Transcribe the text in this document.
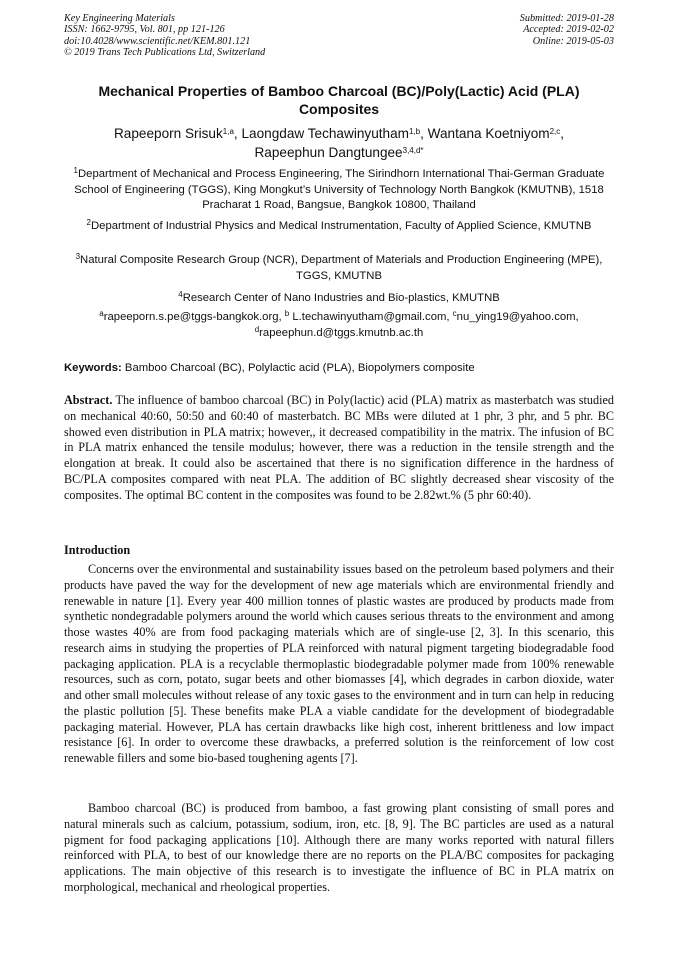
Key Engineering Materials
ISSN: 1662-9795, Vol. 801, pp 121-126
doi:10.4028/www.scientific.net/KEM.801.121
© 2019 Trans Tech Publications Ltd, Switzerland
Submitted: 2019-01-28
Accepted: 2019-02-02
Online: 2019-05-03
Mechanical Properties of Bamboo Charcoal (BC)/Poly(Lactic) Acid (PLA) Composites
Rapeeporn Srisuk$^{1,a}$, Laongdaw Techawinyutham$^{1,b}$, Wantana Koetniyom$^{2,c}$,
Rapeephun Dangtungee$^{3,4,d*}$
$^1$Department of Mechanical and Process Engineering, The Sirindhorn International Thai-German Graduate School of Engineering (TGGS), King Mongkut’s University of Technology North Bangkok (KMUTNB), 1518 Pracharat 1 Road, Bangsue, Bangkok 10800, Thailand
$^2$Department of Industrial Physics and Medical Instrumentation, Faculty of Applied Science, KMUTNB
$^3$Natural Composite Research Group (NCR), Department of Materials and Production Engineering (MPE), TGGS, KMUTNB
$^4$Research Center of Nano Industries and Bio-plastics, KMUTNB
$^a$rapeeporn.s.pe@tggs-bangkok.org, $^b$ L.techawinyutham@gmail.com, $^c$nu_ying19@yahoo.com,
$^d$rapeephun.d@tggs.kmutnb.ac.th
Keywords: Bamboo Charcoal (BC), Polylactic acid (PLA), Biopolymers composite
Abstract. The influence of bamboo charcoal (BC) in Poly(lactic) acid (PLA) matrix as masterbatch was studied on mechanical 40:60, 50:50 and 60:40 of masterbatch. BC MBs were diluted at 1 phr, 3 phr, and 5 phr. BC showed even distribution in PLA matrix; however,, it decreased compatibility in the matrix. The infusion of BC in PLA matrix enhanced the tensile modulus; however, there was a reduction in the tensile strength and the elongation at break. It could also be ascertained that there is no signification difference in the hardness of BC/PLA composites compared with neat PLA. The addition of BC slightly decreased shear viscosity of the composites. The optimal BC content in the composites was found to be 2.82wt.% (5 phr 60:40).
Introduction

Concerns over the environmental and sustainability issues based on the petroleum based polymers and their products have paved the way for the development of new age materials which are environmental friendly and renewable in nature [1]. Every year 400 million tonnes of plastic wastes are produced by products made from synthetic nondegradable polymers around the world which causes serious threats to the environment and among those wastes 40% are from food packaging materials which are of single-use [2, 3]. In this scenario, this research aims in studying the properties of PLA reinforced with natural pigment targeting biodegradable food packaging application. PLA is a recyclable thermoplastic biodegradable polymer made from 100% renewable resources, such as corn, potato, sugar beets and other biomasses [4], which degrades in carbon dioxide, water and other small molecules without release of any toxic gases to the environment and in turn can help in reducing the plastic pollution [5]. These benefits make PLA a viable candidate for the development of biodegradable packaging material. However, PLA has certain drawbacks like high cost, inherent brittleness and low impact resistance [6]. In order to overcome these drawbacks, a preferred solution is the reinforcement of low cost renewable fillers and some bio-based toughening agents [7].

Bamboo charcoal (BC) is produced from bamboo, a fast growing plant consisting of small pores and natural minerals such as calcium, potassium, sodium, iron, etc. [8, 9]. The BC particles are used as a natural pigment for food packaging applications [10]. Although there are many works reported with natural fillers reinforced with PLA, to best of our knowledge there are no reports on the PLA/BC composites for packaging applications. The main objective of this research is to investigate the influence of BC in PLA matrix on morphological, mechanical and rheological properties.
